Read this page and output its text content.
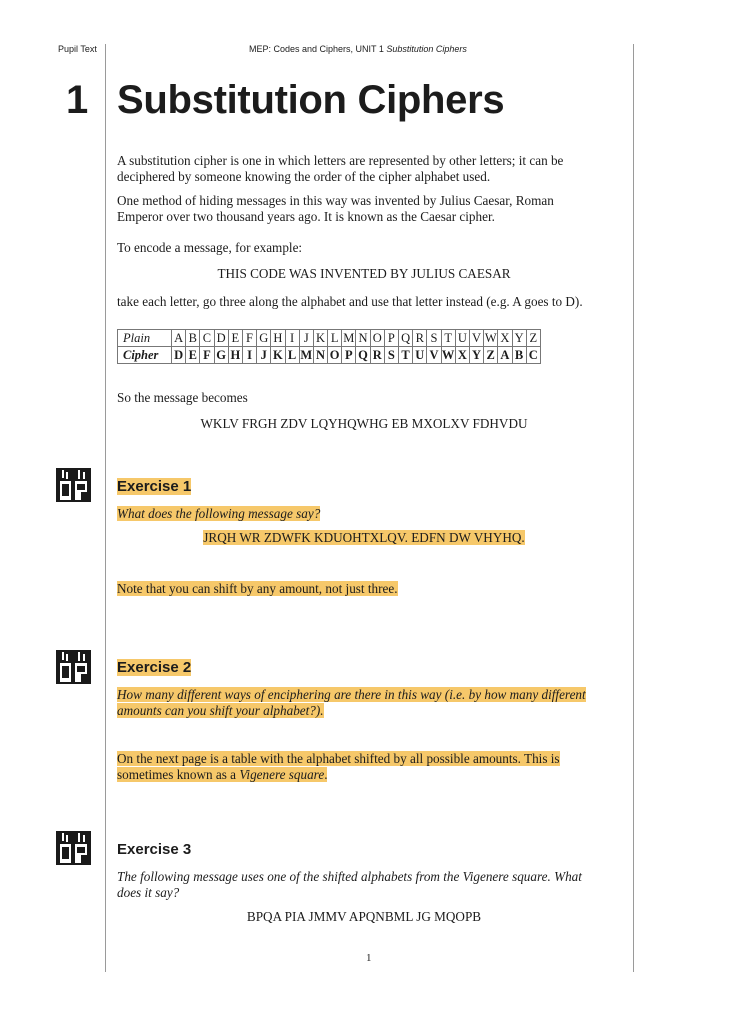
Pupil Text	MEP: Codes and Ciphers, UNIT 1 Substitution Ciphers
1 Substitution Ciphers
A substitution cipher is one in which letters are represented by other letters; it can be deciphered by someone knowing the order of the cipher alphabet used.
One method of hiding messages in this way was invented by Julius Caesar, Roman Emperor over two thousand years ago. It is known as the Caesar cipher.
To encode a message, for example:
THIS CODE WAS INVENTED BY JULIUS CAESAR
take each letter, go three along the alphabet and use that letter instead (e.g. A goes to D).
Plain	A	B	C	D	E	F	G	H	I	J	K	L	M	N	O	P	Q	R	S	T	U	V	W	X	Y	Z
Cipher	D	E	F	G	H	I	J	K	L	M	N	O	P	Q	R	S	T	U	V	W	X	Y	Z	A	B	C
So the message becomes
WKLV FRGH ZDV LQYHQWHG EB MXOLXV FDHVDU
Exercise 1
What does the following message say?
JRQH WR ZDWFK KDUOHTXLQV. EDFN DW VHYHQ.
Note that you can shift by any amount, not just three.
Exercise 2
How many different ways of enciphering are there in this way (i.e. by how many different
amounts can you shift your alphabet?).
On the next page is a table with the alphabet shifted by all possible amounts. This is
sometimes known as a Vigenere square.
Exercise 3
The following message uses one of the shifted alphabets from the Vigenere square. What
does it say?
BPQA PIA JMMV APQNBML JG MQOPB
1
